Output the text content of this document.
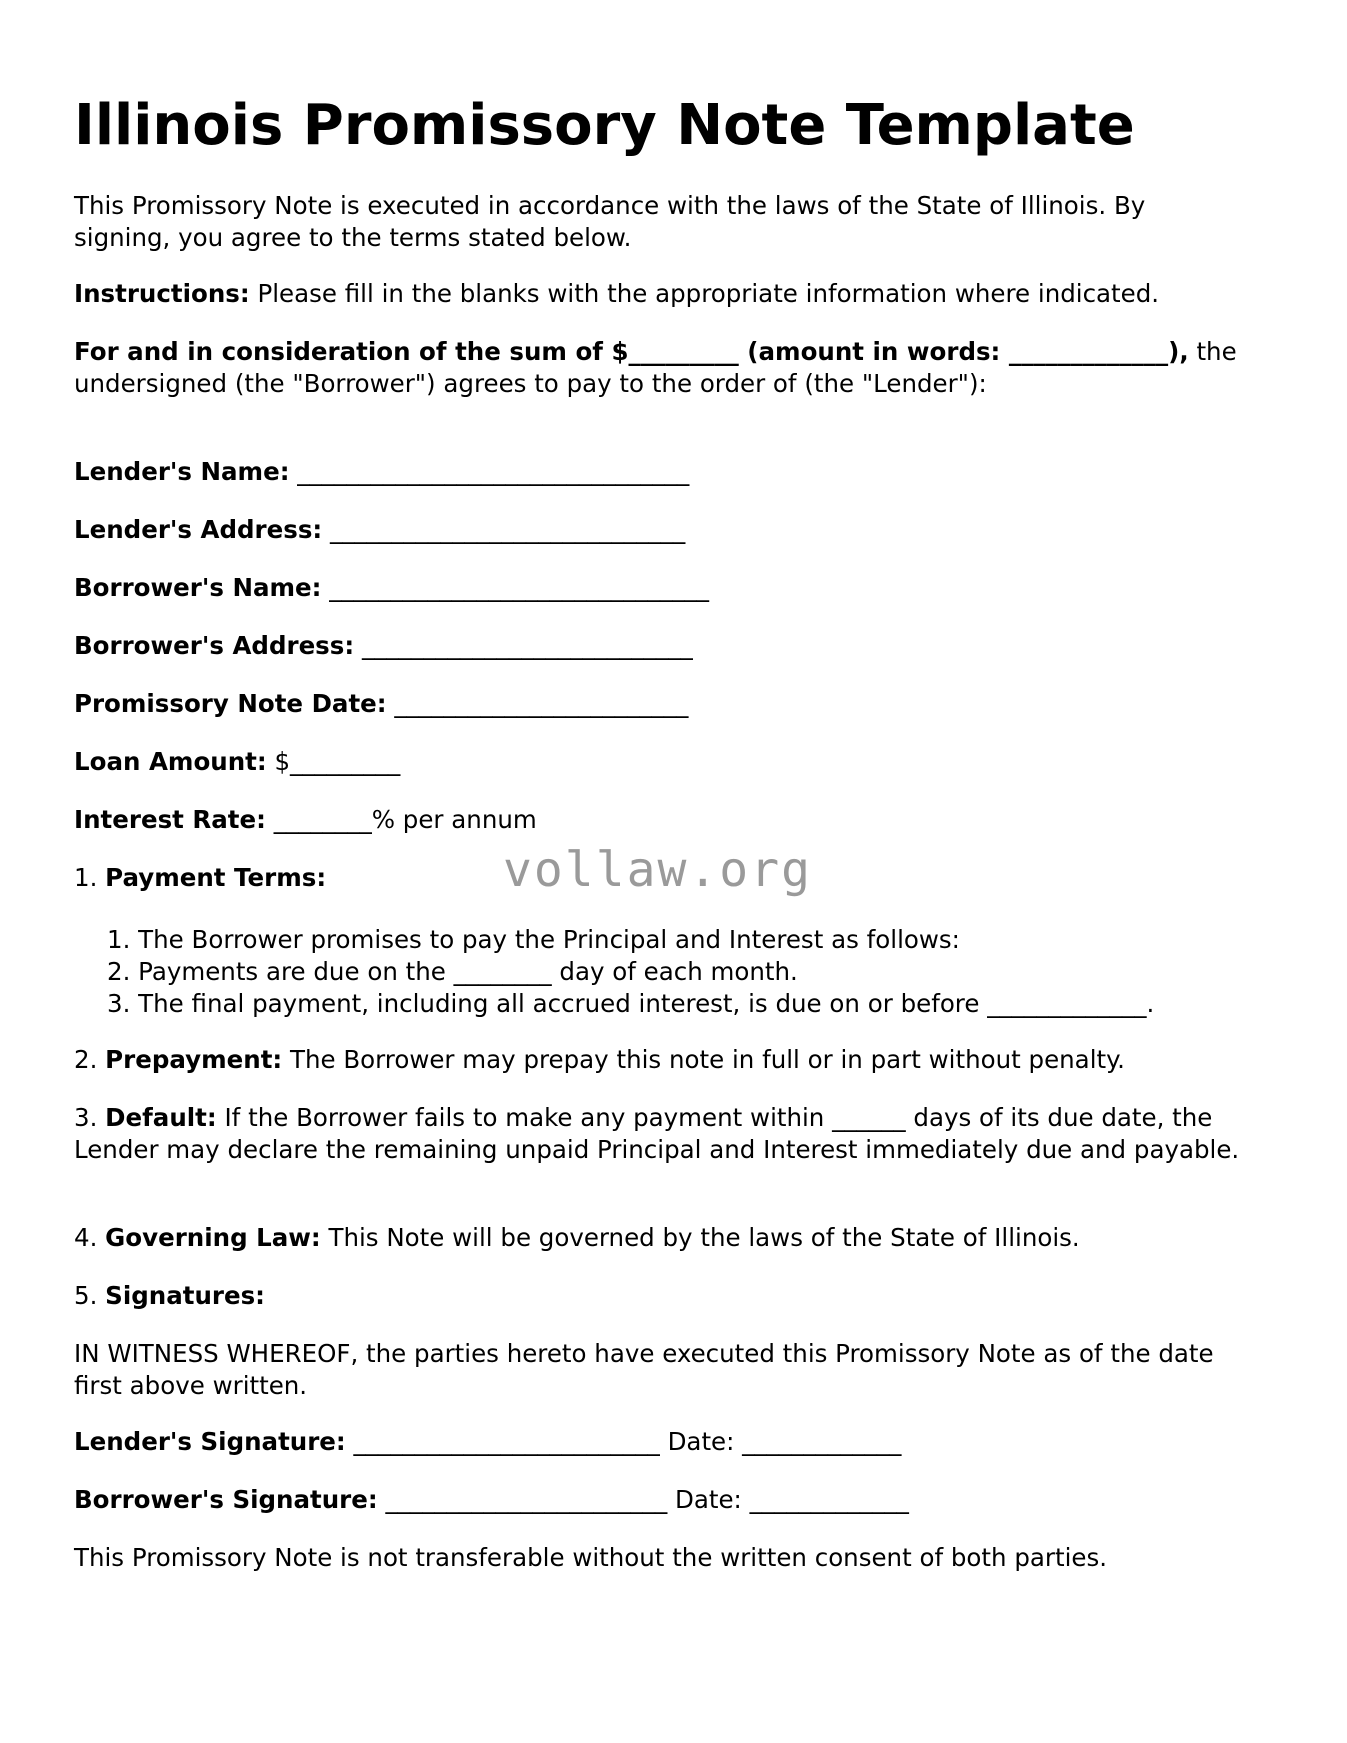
Illinois Promissory Note Template

This Promissory Note is executed in accordance with the laws of the State of Illinois. By signing, you agree to the terms stated below.

Instructions: Please fill in the blanks with the appropriate information where indicated.

For and in consideration of the sum of $_________ (amount in words: _____________), the undersigned (the "Borrower") agrees to pay to the order of (the "Lender"):

Lender's Name: ________________________________

Lender's Address: _____________________________

Borrower's Name: _______________________________

Borrower's Address: ___________________________

Promissory Note Date: ________________________

Loan Amount: $_________

Interest Rate: ________% per annum

1. Payment Terms:

1. The Borrower promises to pay the Principal and Interest as follows:
2. Payments are due on the ________ day of each month.
3. The final payment, including all accrued interest, is due on or before _____________.

2. Prepayment: The Borrower may prepay this note in full or in part without penalty.

3. Default: If the Borrower fails to make any payment within ______ days of its due date, the Lender may declare the remaining unpaid Principal and Interest immediately due and payable.

4. Governing Law: This Note will be governed by the laws of the State of Illinois.

5. Signatures:

IN WITNESS WHEREOF, the parties hereto have executed this Promissory Note as of the date first above written.

Lender's Signature: _________________________ Date: _____________

Borrower's Signature: _______________________ Date: _____________

This Promissory Note is not transferable without the written consent of both parties.

vollaw.org
